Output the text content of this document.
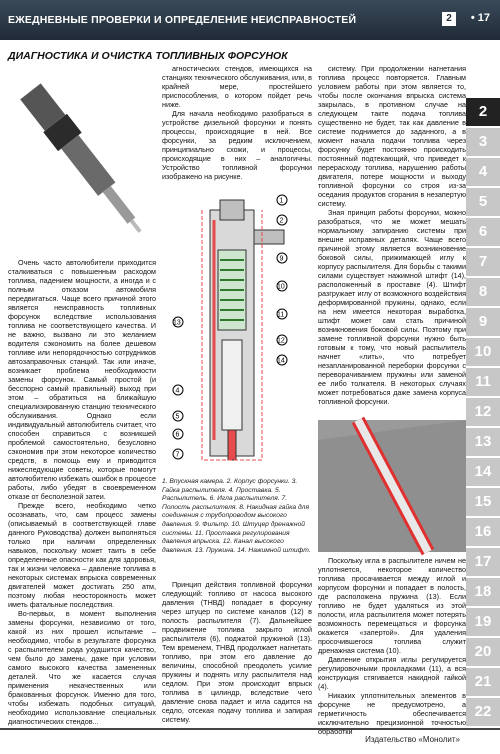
ЕЖЕДНЕВНЫЕ ПРОВЕРКИ И ОПРЕДЕЛЕНИЕ НЕИСПРАВНОСТЕЙ	2	• 17
ДИАГНОСТИКА И ОЧИСТКА ТОПЛИВНЫХ ФОРСУНОК

Очень часто автолюбители приходится сталкиваться с повышенным расходом топлива, падением мощности, а иногда и с полным отказом автомобиля передвигаться. Чаще всего причиной этого является неисправность топливных форсунок вследствие использования топлива не соответствующего качества. И не важно, вызвано ли это желанием водителя сэкономить на более дешевом топливе или непорядочностью сотрудников автозаправочных станций. Так или иначе, возникает проблема необходимости замены форсунок. Самый простой (и бесспорно самый правильный) выход при этом – обратиться на ближайшую специализированную станцию технического обслуживания. Однако если индивидуальный автолюбитель считает, что способен справиться с возникшей проблемой самостоятельно, безусловно сэкономив при этом некоторое количество средств, в помощь ему и приводится нижеследующие советы, которые помогут автолюбителю избежать ошибок в процессе работы, либо убедят в своевременном отказе от бесполезной затеи.

Прежде всего, необходимо четко осознавать, что, сам процесс замены (описываемый в соответствующей главе данного Руководства) должен выполняться только при наличии определенных навыков, поскольку может таить в себе определенные опасности как для здоровья, так и жизни человека – давление топлива в некоторых системах впрыска современных двигателей может достигать 250 атм, поэтому любая неосторожность может иметь фатальные последствия.

Во-первых, в момент выполнения замены форсунки, независимо от того, какой из них прошел испытание – необходимо, чтобы в результате форсунка с распылителем рода ухудшится качество, чем было до замены, даже при условии самого высокого качества замененных деталей. Что же касается случая применения некачественных или бракованных форсунок. Именно для того, чтобы избежать подобных ситуаций, необходимо использование специальных диагностических стендов...

агностических стендов, имеющихся на станциях технического обслуживания, или, в крайней мере, простейшего приспособления, о котором пойдет речь ниже.

Для начала необходимо разобраться в устройстве дизельной форсунки и понять процессы, происходящие в ней. Все форсунки, за редким исключением, принципиально схожи, и процессы, происходящие в них – аналогичны. Устройство топливной форсунки изображено на рисунке.

1
2
9
10
11
12
14
13
4
5
6
7
1. Впускная камера. 2. Корпус форсунки. 3. Гайка распылителя. 4. Проставка. 5. Распылитель. 6. Игла распылителя. 7. Полость распылителя. 8. Накидная гайка для соединения с трубопроводом высокого давления. 9. Фильтр. 10. Штуцер дренажной системы. 11. Проставка регулирования давления впрыска. 12. Канал высокого давления. 13. Пружина. 14. Нажимной штифт.

Принцип действия топливной форсунки следующий: топливо от насоса высокого давления (ТНВД) попадает в форсунку через штуцер по системе каналов (12) в полость распылителя (7). Дальнейшее продвижение топлива закрыто иглой распылителя (6), поджатой пружиной (13). Тем временем, ТНВД продолжает нагнетать топливо, при этом его давление до величины, способной преодолеть усилие пружины и поднять иглу распылителя над седлом. При этом происходит впрыск топлива в цилиндр, вследствие чего давление снова падает и игла садится на седло, отсекая подачу топлива и запирая систему.

систему. При продолжении нагнетания топлива процесс повторяется. Главным условием работы при этом является то, чтобы после окончания впрыска система закрылась, в противном случае на следующем такте подача топлива существенно не будет, так как давление в системе поднимется до заданного, а в момент начала подачи топлива через форсунку будет постоянно происходить постоянный подтекающий, что приведет к перерасходу топлива, нарушению работы двигателя, потере мощности и выходу топливной форсунки со строя из-за оседания продуктов сгорания в незапертую систему.

Зная принцип работы форсунки, можно разобраться, что же может мешать нормальному запиранию системы при внешне исправных деталях. Чаще всего причиной этому является возникновение боковой силы, прижимающей иглу к корпусу распылителя. Для борьбы с такими силами существует нажимной штифт (14), расположенный в проставке (4). Штифт разгружает иглу от возможного воздействия деформированной пружины, однако, если на нем имеется некоторая выработка, штифт может сам стать причиной возникновения боковой силы. Поэтому при замене топливной форсунки нужно быть готовым к тому, что новый распылитель начнет «лить», что потребует незапланированной переборки форсунки с переворачиванием пружины или заменой ее либо толкателя. В некоторых случаях может потребоваться даже замена корпуса топливной форсунки.

Поскольку игла в распылителе ничем не уплотняется, некоторое количество топлива просачивается между иглой и корпусом форсунки и попадает в полость, где расположена пружина (13). Если топливо не будет удаляться из этой полости, игла распылителя может потерять возможность перемещаться и форсунка окажется «запертой». Для удаления просочившегося топлива служит дренажная система (10).

Давление открытия иглы регулируется регулировочными прокладками (11), а вся конструкция стягивается накидной гайкой (4).

Никаких уплотнительных элементов в форсунке не предусмотрено, а герметичность обеспечивается исключительно прецизионной точностью обработки

2
3
4
5
6
7
8
9
10
11
12
13
14
15
16
17
18
19
20
21
22
Издательство «Монолит»
